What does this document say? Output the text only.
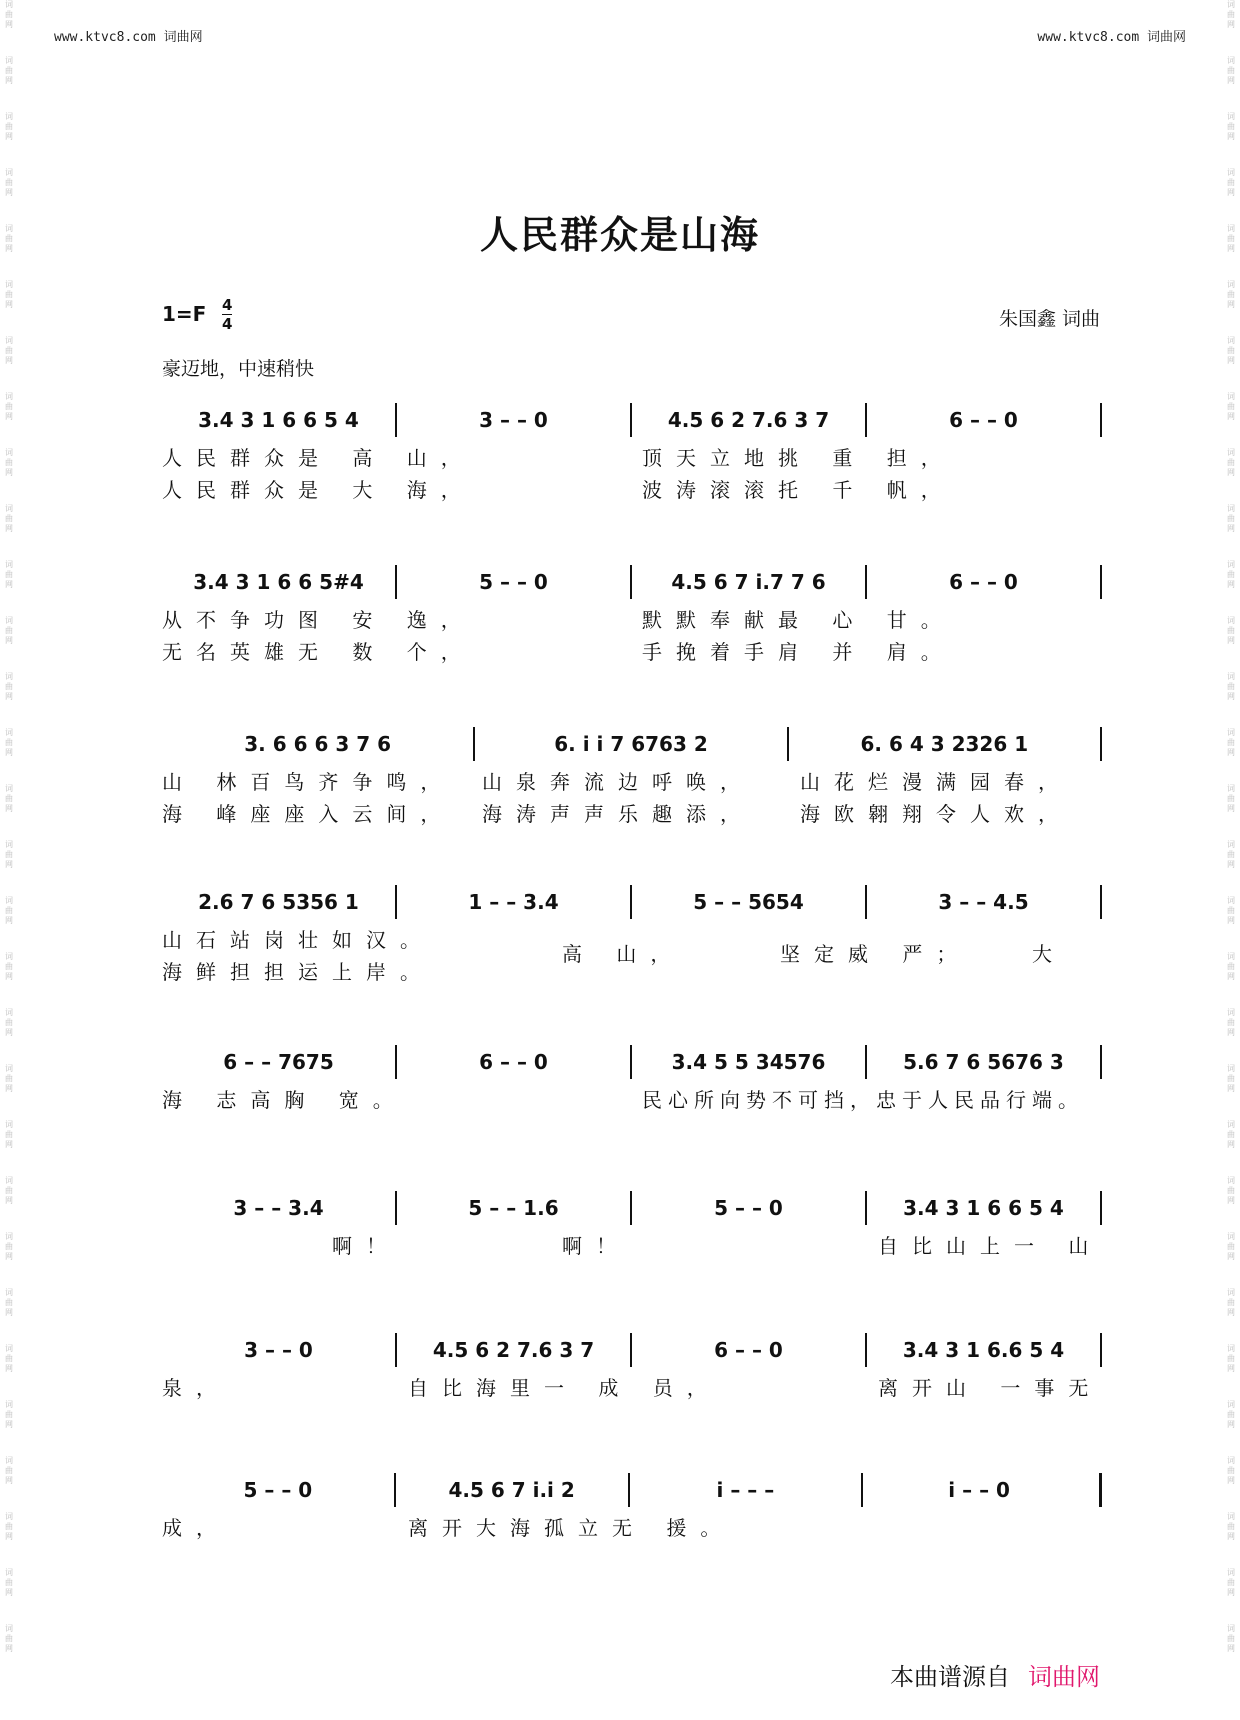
词曲网
词曲网
词曲网
词曲网
词曲网
词曲网
词曲网
词曲网
词曲网
词曲网
词曲网
词曲网
词曲网
词曲网
词曲网
词曲网
词曲网
词曲网
词曲网
词曲网
词曲网
词曲网
词曲网
词曲网
词曲网
词曲网
词曲网
词曲网
词曲网
词曲网
词曲网
词曲网
词曲网
词曲网
词曲网
词曲网
词曲网
词曲网
词曲网
词曲网
词曲网
词曲网
词曲网
词曲网
词曲网
词曲网
词曲网
词曲网
词曲网
词曲网
词曲网
词曲网
词曲网
词曲网
词曲网
词曲网
词曲网
词曲网
词曲网
词曲网
www.ktvc8.com 词曲网	www.ktvc8.com 词曲网
人民群众是山海
1=F 4
4	朱国鑫 词曲
豪迈地，中速稍快
3.4 3 1 6 6 5 4	3 – – 0	4.5 6 2 7.6 3 7	6 – – 0
人民群众是 高 山，	顶天立地挑 重 担，
人民群众是 大 海，	波涛滚滚托 千 帆，
3.4 3 1 6 6 5#4	5 – – 0	4.5 6 7 i.7 7 6	6 – – 0
从不争功图 安 逸，	默默奉献最 心 甘。
无名英雄无 数 个，	手挽着手肩 并 肩。
3. 6 6 6 3 7 6	6. i i 7 6763 2	6. 6 4 3 2326 1
山 林百鸟齐争鸣， 山泉奔流边呼唤， 山花烂漫满园春，
海 峰座座入云间， 海涛声声乐趣添， 海欧翱翔令人欢，
2.6 7 6 5356 1	1 – – 3.4	5 – – 5654	3 – – 4.5
山石站岗壮如汉。
高 山，	坚定威 严；	大
海鲜担担运上岸。
6 – – 7675	6 – – 0	3.4 5 5 34576	5.6 7 6 5676 3
海 志高胸 宽。	民心所向势不可挡，忠于人民品行端。
3 – – 3.4	5 – – 1.6	5 – – 0	3.4 3 1 6 6 5 4
啊！	啊！	自比山上一 山
3 – – 0	4.5 6 2 7.6 3 7	6 – – 0	3.4 3 1 6.6 5 4
泉，	自比海里一 成 员，	离开山 一事无
5 – – 0	4.5 6 7 i.i 2	i – – –	i – – 0
成，	离开大海孤立无 援。
本曲谱源自 词曲网
